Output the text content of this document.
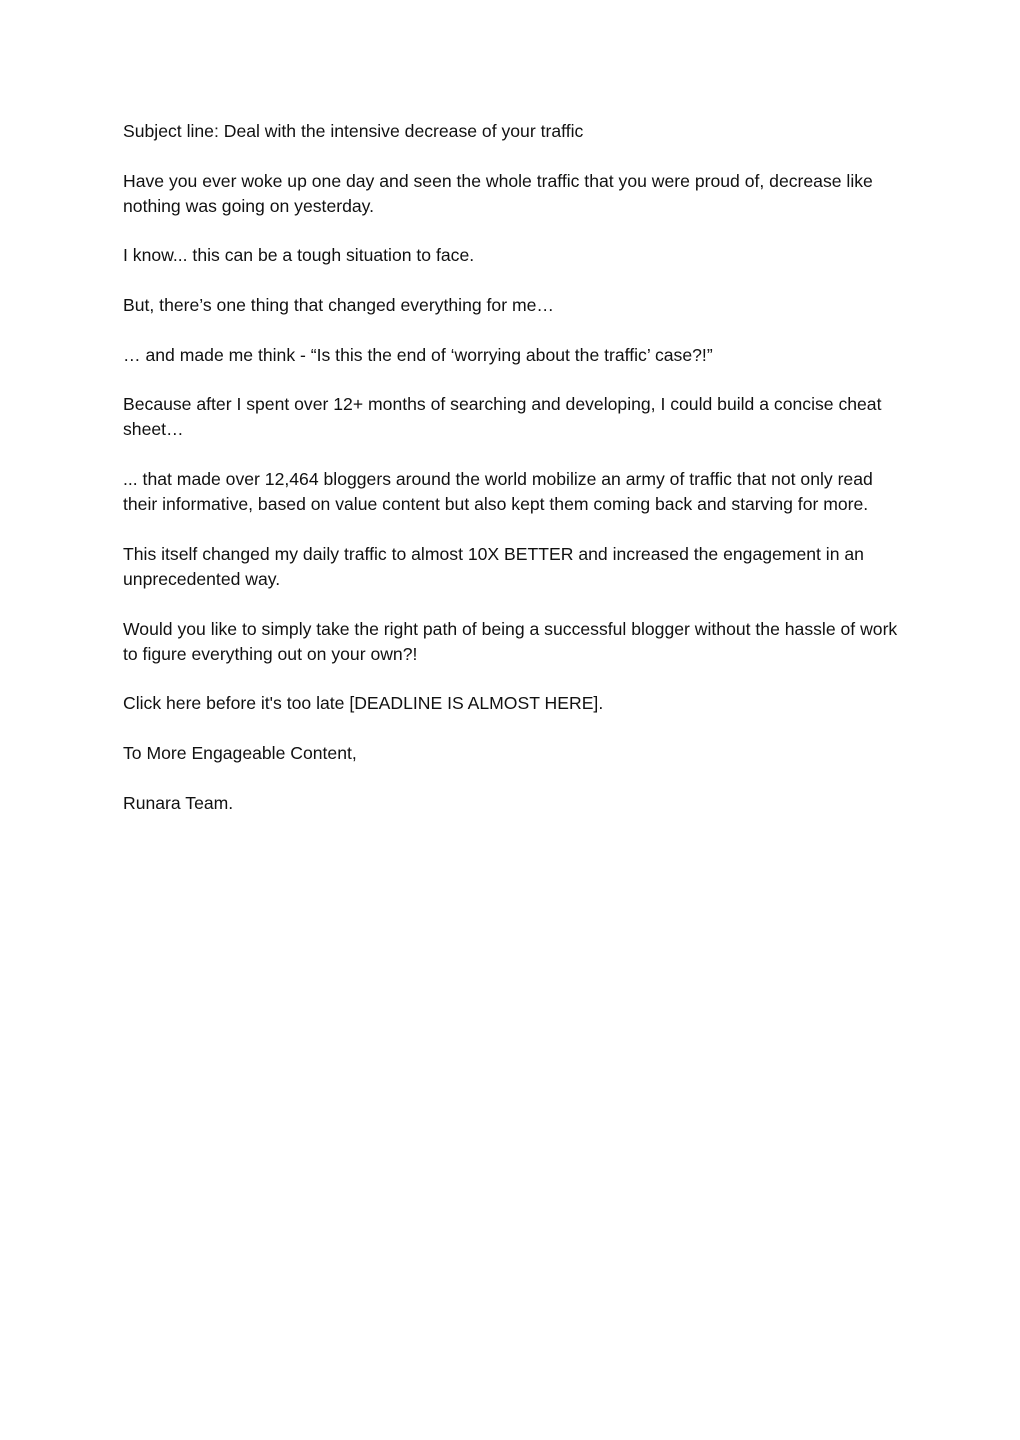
Subject line: Deal with the intensive decrease of your traffic

Have you ever woke up one day and seen the whole traffic that you were proud of, decrease like nothing was going on yesterday.

I know... this can be a tough situation to face.

But, there’s one thing that changed everything for me…

… and made me think - “Is this the end of ‘worrying about the traffic’ case?!”

Because after I spent over 12+ months of searching and developing, I could build a concise cheat sheet…

... that made over 12,464 bloggers around the world mobilize an army of traffic that not only read their informative, based on value content but also kept them coming back and starving for more.

This itself changed my daily traffic to almost 10X BETTER and increased the engagement in an unprecedented way.

Would you like to simply take the right path of being a successful blogger without the hassle of work to figure everything out on your own?!

Click here before it's too late [DEADLINE IS ALMOST HERE].

To More Engageable Content,

Runara Team.
